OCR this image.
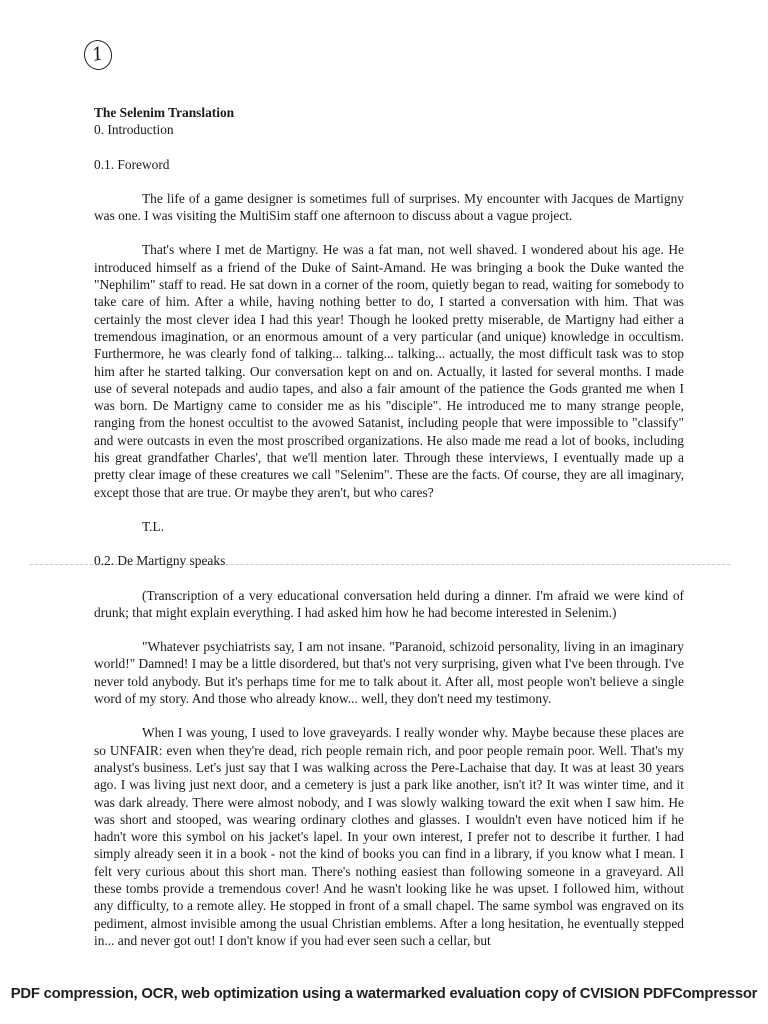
1
The Selenim Translation
0. Introduction
0.1. Foreword

The life of a game designer is sometimes full of surprises. My encounter with Jacques de Martigny was one. I was visiting the MultiSim staff one afternoon to discuss about a vague project.

That's where I met de Martigny. He was a fat man, not well shaved. I wondered about his age. He introduced himself as a friend of the Duke of Saint-Amand. He was bringing a book the Duke wanted the "Nephilim" staff to read. He sat down in a corner of the room, quietly began to read, waiting for somebody to take care of him. After a while, having nothing better to do, I started a conversation with him. That was certainly the most clever idea I had this year! Though he looked pretty miserable, de Martigny had either a tremendous imagination, or an enormous amount of a very particular (and unique) knowledge in occultism. Furthermore, he was clearly fond of talking... talking... talking... actually, the most difficult task was to stop him after he started talking. Our conversation kept on and on. Actually, it lasted for several months. I made use of several notepads and audio tapes, and also a fair amount of the patience the Gods granted me when I was born. De Martigny came to consider me as his "disciple". He introduced me to many strange people, ranging from the honest occultist to the avowed Satanist, including people that were impossible to "classify" and were outcasts in even the most proscribed organizations. He also made me read a lot of books, including his great grandfather Charles', that we'll mention later. Through these interviews, I eventually made up a pretty clear image of these creatures we call "Selenim". These are the facts. Of course, they are all imaginary, except those that are true. Or maybe they aren't, but who cares?

T.L.
0.2. De Martigny speaks

(Transcription of a very educational conversation held during a dinner. I'm afraid we were kind of drunk; that might explain everything. I had asked him how he had become interested in Selenim.)

"Whatever psychiatrists say, I am not insane. "Paranoid, schizoid personality, living in an imaginary world!" Damned! I may be a little disordered, but that's not very surprising, given what I've been through. I've never told anybody. But it's perhaps time for me to talk about it. After all, most people won't believe a single word of my story. And those who already know... well, they don't need my testimony.

When I was young, I used to love graveyards. I really wonder why. Maybe because these places are so UNFAIR: even when they're dead, rich people remain rich, and poor people remain poor. Well. That's my analyst's business. Let's just say that I was walking across the Pere-Lachaise that day. It was at least 30 years ago. I was living just next door, and a cemetery is just a park like another, isn't it? It was winter time, and it was dark already. There were almost nobody, and I was slowly walking toward the exit when I saw him. He was short and stooped, was wearing ordinary clothes and glasses. I wouldn't even have noticed him if he hadn't wore this symbol on his jacket's lapel. In your own interest, I prefer not to describe it further. I had simply already seen it in a book - not the kind of books you can find in a library, if you know what I mean. I felt very curious about this short man. There's nothing easiest than following someone in a graveyard. All these tombs provide a tremendous cover! And he wasn't looking like he was upset. I followed him, without any difficulty, to a remote alley. He stopped in front of a small chapel. The same symbol was engraved on its pediment, almost invisible among the usual Christian emblems. After a long hesitation, he eventually stepped in... and never got out! I don't know if you had ever seen such a cellar, but

PDF compression, OCR, web optimization using a watermarked evaluation copy of CVISION PDFCompressor
